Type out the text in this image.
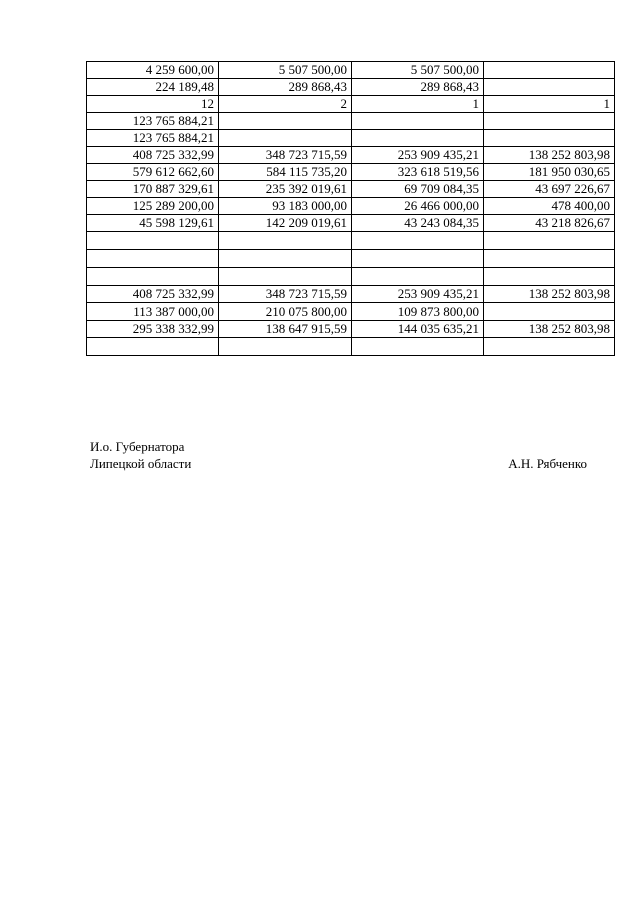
4 259 600,00	5 507 500,00	5 507 500,00	
224 189,48	289 868,43	289 868,43	
12	2	1	1
123 765 884,21			
123 765 884,21			
408 725 332,99	348 723 715,59	253 909 435,21	138 252 803,98
579 612 662,60	584 115 735,20	323 618 519,56	181 950 030,65
170 887 329,61	235 392 019,61	69 709 084,35	43 697 226,67
125 289 200,00	93 183 000,00	26 466 000,00	478 400,00
45 598 129,61	142 209 019,61	43 243 084,35	43 218 826,67

408 725 332,99	348 723 715,59	253 909 435,21	138 252 803,98
113 387 000,00	210 075 800,00	109 873 800,00	
295 338 332,99	138 647 915,59	144 035 635,21	138 252 803,98

И.о. Губернатора
Липецкой области	А.Н. Рябченко
